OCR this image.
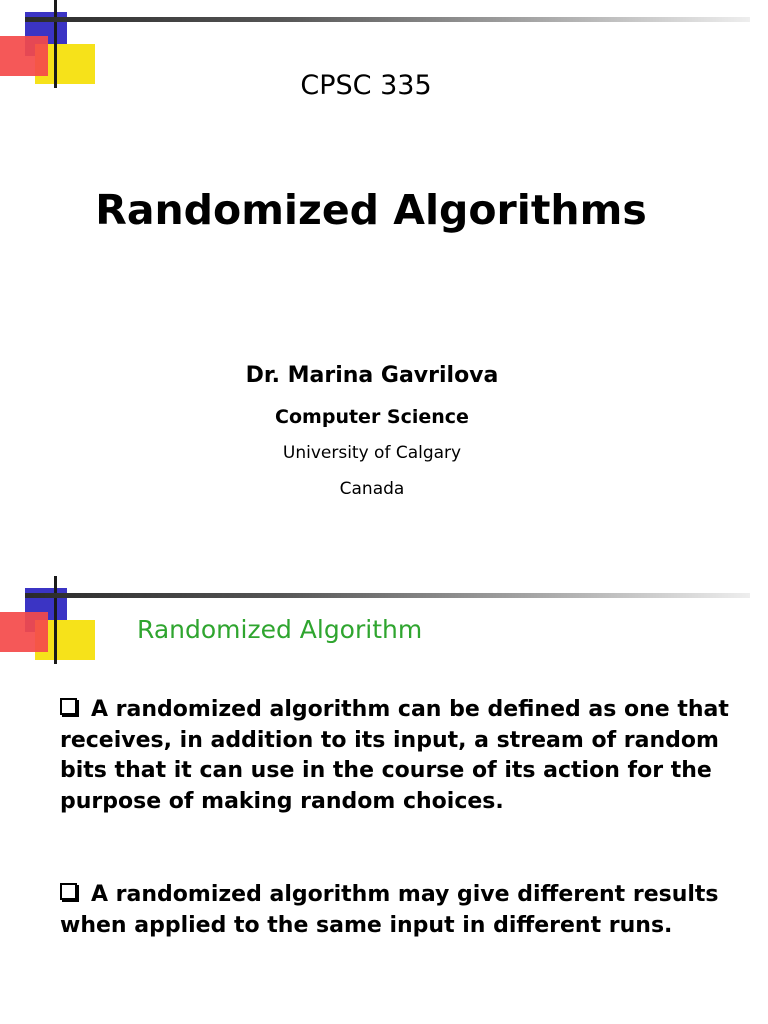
CPSC 335
Randomized Algorithms
Dr. Marina Gavrilova
Computer Science
University of Calgary
Canada
Randomized Algorithm
A randomized algorithm can be defined as one that receives, in addition to its input, a stream of random bits that it can use in the course of its action for the purpose of making random choices.
A randomized algorithm may give different results when applied to the same input in different runs.
